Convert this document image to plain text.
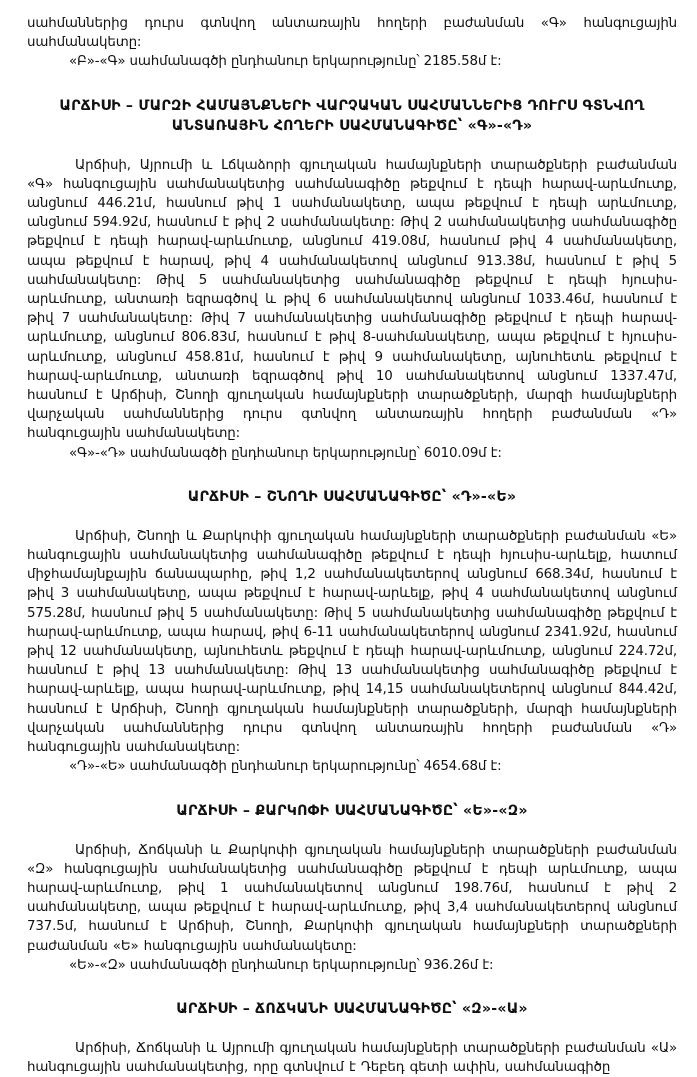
սահմաններից դուրս գտնվող անտառային հողերի բաժանման «Գ» հանգուցային սահմանակետը:

«Բ»-«Գ» սահմանագծի ընդհանուր երկարությունը՝ 2185.58մ է:

ԱՐՃԻՍԻ – ՄԱՐԶԻ ՀԱՄԱՅՆՔՆԵՐԻ ՎԱՐՉԱԿԱՆ ՍԱՀՄԱՆՆԵՐԻՑ ԴՈՒՐՍ ԳՏՆՎՈՂ
ԱՆՏԱՌԱՅԻՆ ՀՈՂԵՐԻ ՍԱՀՄԱՆԱԳԻԾԸ՝ «Գ»-«Դ»

Արճիսի, Այրումի և Լճկաձորի գյուղական համայնքների տարածքների բաժանման «Գ» հանգուցային սահմանակետից սահմանագիծը թեքվում է դեպի հարավ-արևմուտք, անցնում 446.21մ, հասնում թիվ 1 սահմանակետը, ապա թեքվում է դեպի արևմուտք, անցնում 594.92մ, հասնում է թիվ 2 սահմանակետը: Թիվ 2 սահմանակետից սահմանագիծը թեքվում է դեպի հարավ-արևմուտք, անցնում 419.08մ, հասնում թիվ 4 սահմանակետը, ապա թեքվում է հարավ, թիվ 4 սահմանակետով անցնում 913.38մ, հասնում է թիվ 5 սահմանակետը: Թիվ 5 սահմանակետից սահմանագիծը թեքվում է դեպի հյուսիս-արևմուտք, անտառի եզրագծով և թիվ 6 սահմանակետով անցնում 1033.46մ, հասնում է թիվ 7 սահմանակետը: Թիվ 7 սահմանակետից սահմանագիծը թեքվում է դեպի հարավ-արևմուտք, անցնում 806.83մ, հասնում է թիվ 8-սահմանակետը, ապա թեքվում է հյուսիս-արևմուտք, անցնում 458.81մ, հասնում է թիվ 9 սահմանակետը, այնուհետև թեքվում է հարավ-արևմուտք, անտառի եզրագծով թիվ 10 սահմանակետով անցնում 1337.47մ, հասնում է Արճիսի, Շնողի գյուղական համայնքների տարածքների, մարզի համայնքների վարչական սահմաններից դուրս գտնվող անտառային հողերի բաժանման «Դ» հանգուցային սահմանակետը:

«Գ»-«Դ» սահմանագծի ընդհանուր երկարությունը՝ 6010.09մ է:

ԱՐՃԻՍԻ – ՇՆՈՂԻ ՍԱՀՄԱՆԱԳԻԾԸ՝ «Դ»-«Ե»

Արճիսի, Շնողի և Քարկոփի գյուղական համայնքների տարածքների բաժանման «Ե» հանգուցային սահմանակետից սահմանագիծը թեքվում է դեպի հյուսիս-արևելք, հատում միջհամայնքային ճանապարհը, թիվ 1,2 սահմանակետերով անցնում 668.34մ, հասնում է թիվ 3 սահմանակետը, ապա թեքվում է հարավ-արևելք, թիվ 4 սահմանակետով անցնում 575.28մ, հասնում թիվ 5 սահմանակետը: Թիվ 5 սահմանակետից սահմանագիծը թեքվում է հարավ-արևմուտք, ապա հարավ, թիվ 6-11 սահմանակետերով անցնում 2341.92մ, հասնում թիվ 12 սահմանակետը, այնուհետև թեքվում է դեպի հարավ-արևմուտք, անցնում 224.72մ, հասնում է թիվ 13 սահմանակետը: Թիվ 13 սահմանակետից սահմանագիծը թեքվում է հարավ-արևելք, ապա հարավ-արևմուտք, թիվ 14,15 սահմանակետերով անցնում 844.42մ, հասնում է Արճիսի, Շնողի գյուղական համայնքների տարածքների, մարզի համայնքների վարչական սահմաններից դուրս գտնվող անտառային հողերի բաժանման «Դ» հանգուցային սահմանակետը:

«Դ»-«Ե» սահմանագծի ընդհանուր երկարությունը՝ 4654.68մ է:

ԱՐՃԻՍԻ – ՔԱՐԿՈՓԻ ՍԱՀՄԱՆԱԳԻԾԸ՝ «Ե»-«Զ»

Արճիսի, Ճոճկանի և Քարկոփի գյուղական համայնքների տարածքների բաժանման «Զ» հանգուցային սահմանակետից սահմանագիծը թեքվում է դեպի արևմուտք, ապա հարավ-արևմուտք, թիվ 1 սահմանակետով անցնում 198.76մ, հասնում է թիվ 2 սահմանակետը, ապա թեքվում է հարավ-արևմուտք, թիվ 3,4 սահմանակետերով անցնում 737.5մ, հասնում է Արճիսի, Շնողի, Քարկոփի գյուղական համայնքների տարածքների բաժանման «Ե» հանգուցային սահմանակետը:

«Ե»-«Զ» սահմանագծի ընդհանուր երկարությունը՝ 936.26մ է:

ԱՐՃԻՍԻ – ՃՈՃԿԱՆԻ ՍԱՀՄԱՆԱԳԻԾԸ՝ «Զ»-«Ա»

Արճիսի, Ճոճկանի և Այրումի գյուղական համայնքների տարածքների բաժանման «Ա» հանգուցային սահմանակետից, որը գտնվում է Դեբեդ գետի ափին, սահմանագիծը
